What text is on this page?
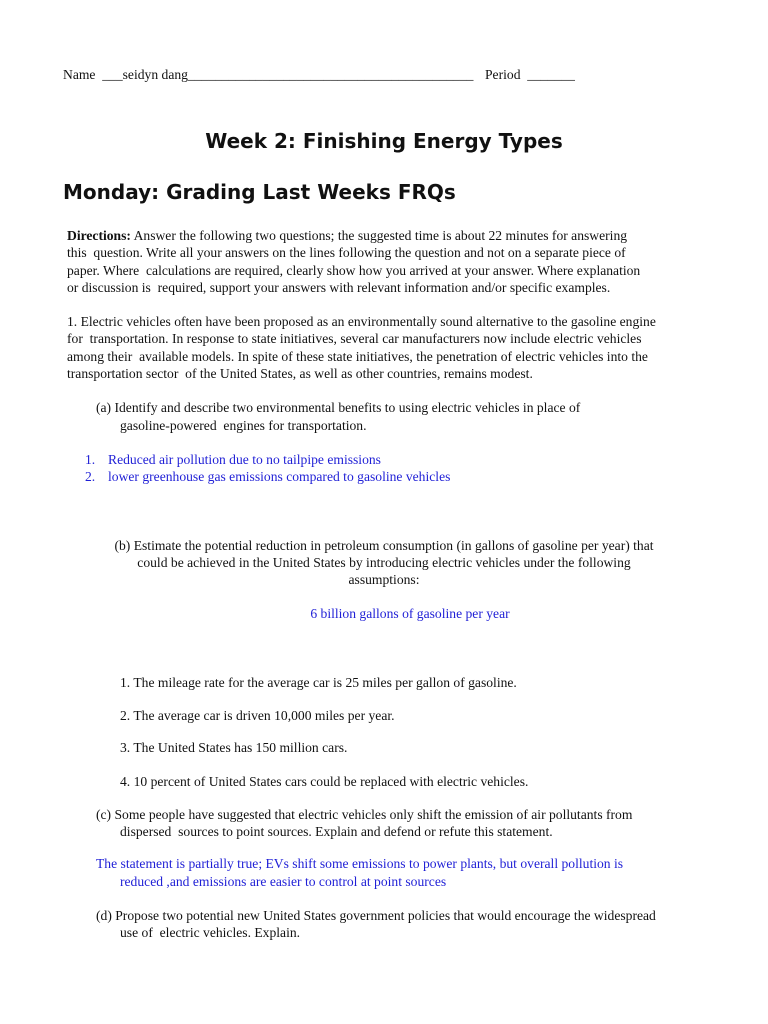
Name  ___seidyn dang__________________________________________ Period  _______
Week 2: Finishing Energy Types
Monday: Grading Last Weeks FRQs
Directions: Answer the following two questions; the suggested time is about 22 minutes for answering
this  question. Write all your answers on the lines following the question and not on a separate piece of
paper. Where  calculations are required, clearly show how you arrived at your answer. Where explanation
or discussion is  required, support your answers with relevant information and/or specific examples.
1. Electric vehicles often have been proposed as an environmentally sound alternative to the gasoline engine
for  transportation. In response to state initiatives, several car manufacturers now include electric vehicles
among their  available models. In spite of these state initiatives, the penetration of electric vehicles into the
transportation sector  of the United States, as well as other countries, remains modest.
(a) Identify and describe two environmental benefits to using electric vehicles in place of
gasoline-powered  engines for transportation.
1. Reduced air pollution due to no tailpipe emissions
2. lower greenhouse gas emissions compared to gasoline vehicles
(b) Estimate the potential reduction in petroleum consumption (in gallons of gasoline per year) that
could be achieved in the United States by introducing electric vehicles under the following
assumptions:
6 billion gallons of gasoline per year
1. The mileage rate for the average car is 25 miles per gallon of gasoline.
2. The average car is driven 10,000 miles per year.
3. The United States has 150 million cars.
4. 10 percent of United States cars could be replaced with electric vehicles.
(c) Some people have suggested that electric vehicles only shift the emission of air pollutants from
dispersed  sources to point sources. Explain and defend or refute this statement.
The statement is partially true; EVs shift some emissions to power plants, but overall pollution is
reduced ,and emissions are easier to control at point sources
(d) Propose two potential new United States government policies that would encourage the widespread
use of  electric vehicles. Explain.
